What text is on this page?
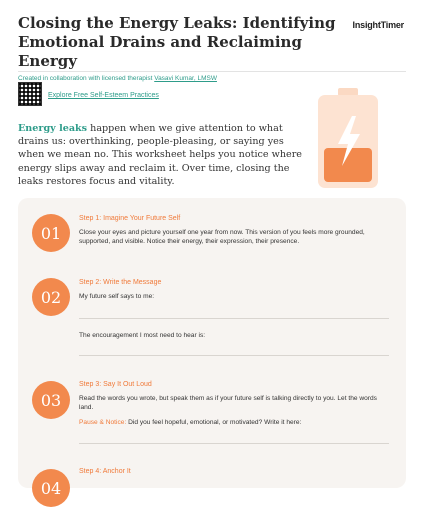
Closing the Energy Leaks: Identifying Emotional Drains and Reclaiming Energy
InsightTimer
Created in collaboration with licensed therapist Vasavi Kumar, LMSW
Explore Free Self-Esteem Practices
Energy leaks happen when we give attention to what drains us: overthinking, people-pleasing, or saying yes when we mean no. This worksheet helps you notice where energy slips away and reclaim it. Over time, closing the leaks restores focus and vitality.
01
Step 1: Imagine Your Future Self
Close your eyes and picture yourself one year from now. This version of you feels more grounded, supported, and visible. Notice their energy, their expression, their presence.
02
Step 2: Write the Message
My future self says to me:
The encouragement I most need to hear is:
03
Step 3: Say It Out Loud
Read the words you wrote, but speak them as if your future self is talking directly to you. Let the words land.
Pause & Notice: Did you feel hopeful, emotional, or motivated? Write it here:
04
Step 4: Anchor It
